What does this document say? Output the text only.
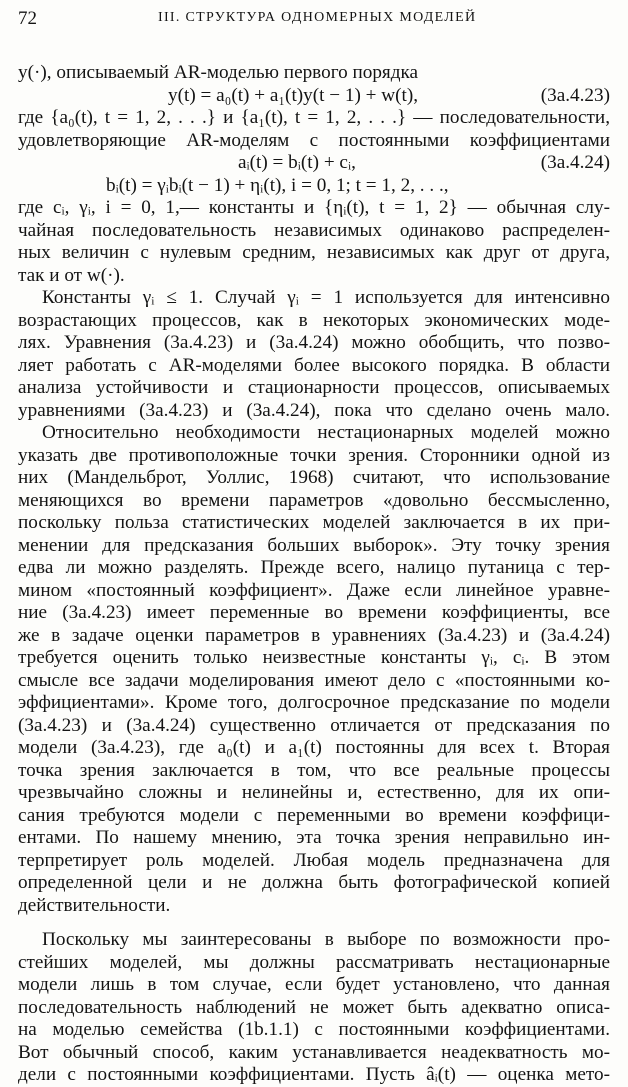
72	III. СТРУКТУРА ОДНОМЕРНЫХ МОДЕЛЕЙ
y(·), описываемый AR-моделью первого порядка
y(t) = a₀(t) + a₁(t)y(t − 1) + w(t),	(3a.4.23)
где {a₀(t), t = 1, 2, . . .} и {a₁(t), t = 1, 2, . . .} — последовательности,
удовлетворяющие AR-моделям с постоянными коэффициентами
aᵢ(t) = bᵢ(t) + cᵢ,	(3a.4.24)
bᵢ(t) = γᵢbᵢ(t − 1) + ηᵢ(t), i = 0, 1; t = 1, 2, . . .,
где cᵢ, γᵢ, i = 0, 1,— константы и {ηᵢ(t), t = 1, 2} — обычная слу-
чайная последовательность независимых одинаково распределен-
ных величин с нулевым средним, независимых как друг от друга,
так и от w(·).
Константы γᵢ ≤ 1. Случай γᵢ = 1 используется для интенсивно
возрастающих процессов, как в некоторых экономических моде-
лях. Уравнения (3a.4.23) и (3a.4.24) можно обобщить, что позво-
ляет работать с AR-моделями более высокого порядка. В области
анализа устойчивости и стационарности процессов, описываемых
уравнениями (3a.4.23) и (3a.4.24), пока что сделано очень мало.
Относительно необходимости нестационарных моделей можно
указать две противоположные точки зрения. Сторонники одной из
них (Мандельброт, Уоллис, 1968) считают, что использование
меняющихся во времени параметров «довольно бессмысленно,
поскольку польза статистических моделей заключается в их при-
менении для предсказания больших выборок». Эту точку зрения
едва ли можно разделять. Прежде всего, налицо путаница с тер-
мином «постоянный коэффициент». Даже если линейное уравне-
ние (3a.4.23) имеет переменные во времени коэффициенты, все
же в задаче оценки параметров в уравнениях (3a.4.23) и (3a.4.24)
требуется оценить только неизвестные константы γᵢ, cᵢ. В этом
смысле все задачи моделирования имеют дело с «постоянными ко-
эффициентами». Кроме того, долгосрочное предсказание по модели
(3a.4.23) и (3a.4.24) существенно отличается от предсказания по
модели (3a.4.23), где a₀(t) и a₁(t) постоянны для всех t. Вторая
точка зрения заключается в том, что все реальные процессы
чрезвычайно сложны и нелинейны и, естественно, для их опи-
сания требуются модели с переменными во времени коэффици-
ентами. По нашему мнению, эта точка зрения неправильно ин-
терпретирует роль моделей. Любая модель предназначена для
определенной цели и не должна быть фотографической копией
действительности.
Поскольку мы заинтересованы в выборе по возможности про-
стейших моделей, мы должны рассматривать нестационарные
модели лишь в том случае, если будет установлено, что данная
последовательность наблюдений не может быть адекватно описа-
на моделью семейства (1b.1.1) с постоянными коэффициентами.
Вот обычный способ, каким устанавливается неадекватность мо-
дели с постоянными коэффициентами. Пусть âᵢ(t) — оценка мето-
